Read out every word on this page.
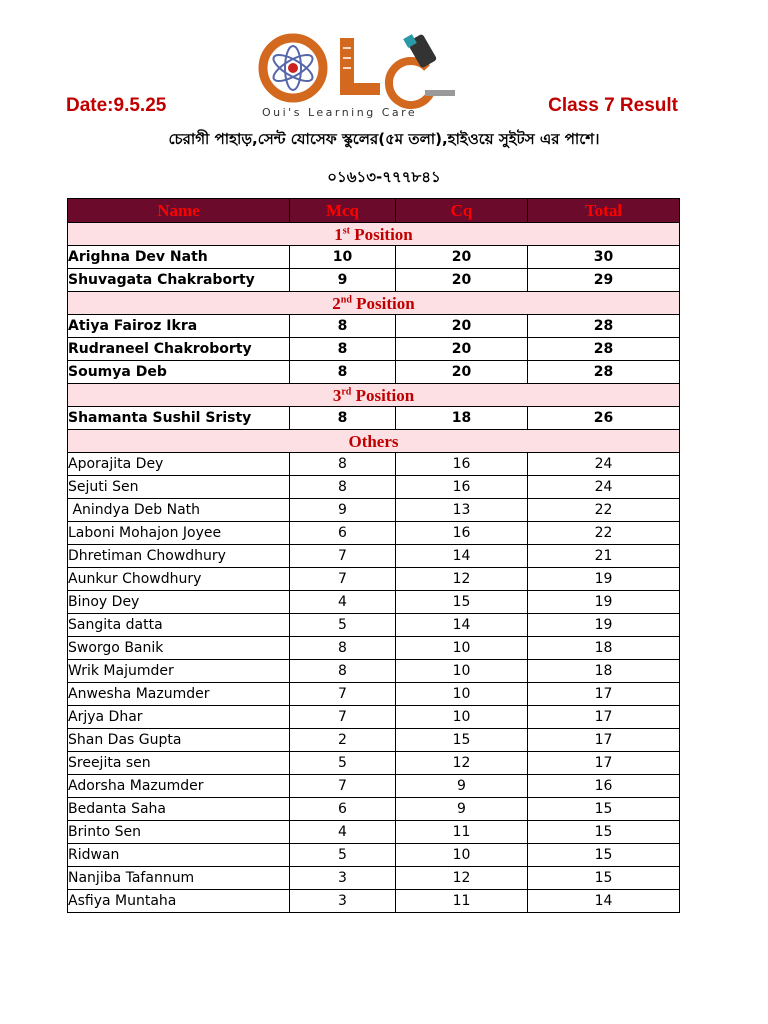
Oui's Learning Care
Date:9.5.25	Class 7 Result
চেরাগী পাহাড়,সেন্ট যোসেফ স্কুলের(৫ম তলা),হাইওয়ে সুইটস এর পাশে।
০১৬১৩-৭৭৭৮৪১
Name	Mcq	Cq	Total
1st Position			
Arighna Dev Nath	10	20	30
Shuvagata Chakraborty	9	20	29
2nd Position			
Atiya Fairoz Ikra	8	20	28
Rudraneel Chakroborty	8	20	28
Soumya Deb	8	20	28
3rd Position			
Shamanta Sushil Sristy	8	18	26
Others			
Aporajita Dey	8	16	24
Sejuti Sen	8	16	24
Anindya Deb Nath	9	13	22
Laboni Mohajon Joyee	6	16	22
Dhretiman Chowdhury	7	14	21
Aunkur Chowdhury	7	12	19
Binoy Dey	4	15	19
Sangita datta	5	14	19
Sworgo Banik	8	10	18
Wrik Majumder	8	10	18
Anwesha Mazumder	7	10	17
Arjya Dhar	7	10	17
Shan Das Gupta	2	15	17
Sreejita sen	5	12	17
Adorsha Mazumder	7	9	16
Bedanta Saha	6	9	15
Brinto Sen	4	11	15
Ridwan	5	10	15
Nanjiba Tafannum	3	12	15
Asfiya Muntaha	3	11	14
